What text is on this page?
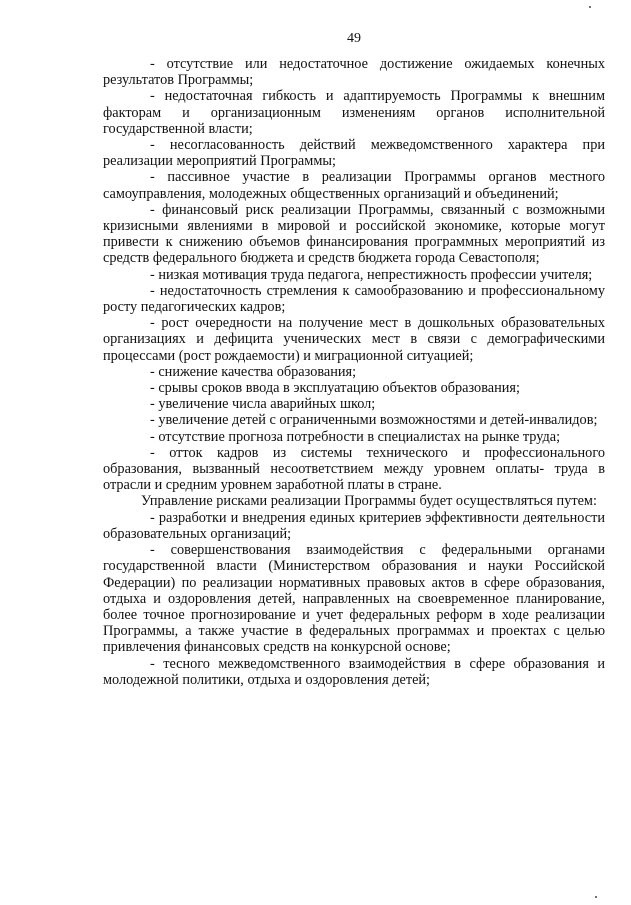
49

- отсутствие или недостаточное достижение ожидаемых конечных результатов Программы;

- недостаточная гибкость и адаптируемость Программы к внешним факторам и организационным изменениям органов исполнительной государственной власти;

- несогласованность действий межведомственного характера при реализации мероприятий Программы;

- пассивное участие в реализации Программы органов местного самоуправления, молодежных общественных организаций и объединений;

- финансовый риск реализации Программы, связанный с возможными кризисными явлениями в мировой и российской экономике, которые могут привести к снижению объемов финансирования программных мероприятий из средств федерального бюджета и средств бюджета города Севастополя;

- низкая мотивация труда педагога, непрестижность профессии учителя;

- недостаточность стремления к самообразованию и профессиональному росту педагогических кадров;

- рост очередности на получение мест в дошкольных образовательных организациях и дефицита ученических мест в связи с демографическими процессами (рост рождаемости) и миграционной ситуацией;

- снижение качества образования;

- срывы сроков ввода в эксплуатацию объектов образования;

- увеличение числа аварийных школ;

- увеличение детей с ограниченными возможностями и детей-инвалидов;

- отсутствие прогноза потребности в специалистах на рынке труда;

- отток кадров из системы технического и профессионального образования, вызванный несоответствием между уровнем оплаты- труда в отрасли и средним уровнем заработной платы в стране.

Управление рисками реализации Программы будет осуществляться путем:

- разработки и внедрения единых критериев эффективности деятельности образовательных организаций;

- совершенствования взаимодействия с федеральными органами государственной власти (Министерством образования и науки Российской Федерации) по реализации нормативных правовых актов в сфере образования, отдыха и оздоровления детей, направленных на своевременное планирование, более точное прогнозирование и учет федеральных реформ в ходе реализации Программы, а также участие в федеральных программах и проектах с целью привлечения финансовых средств на конкурсной основе;

- тесного межведомственного взаимодействия в сфере образования и молодежной политики, отдыха и оздоровления детей;
